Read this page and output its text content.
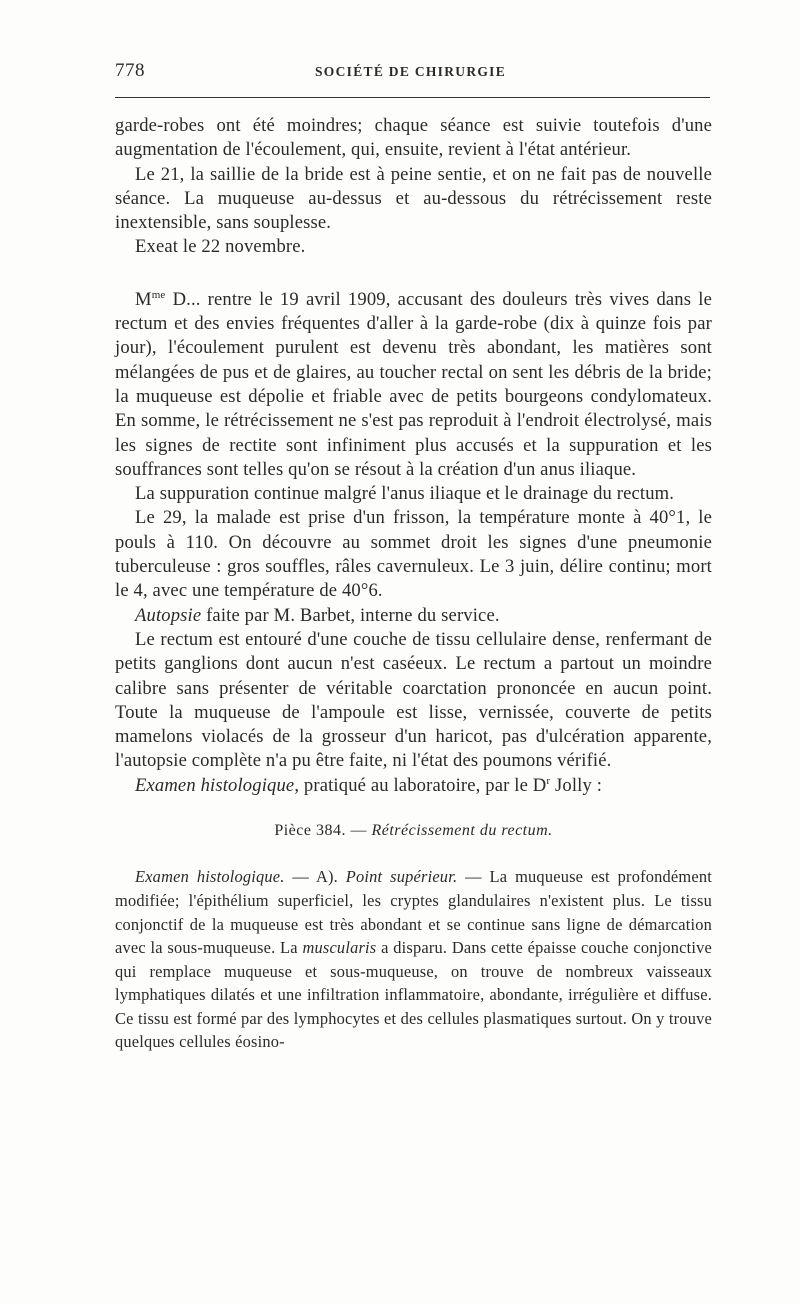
778	SOCIÉTÉ DE CHIRURGIE

garde-robes ont été moindres; chaque séance est suivie toutefois d'une augmentation de l'écoulement, qui, ensuite, revient à l'état antérieur.

Le 21, la saillie de la bride est à peine sentie, et on ne fait pas de nouvelle séance. La muqueuse au-dessus et au-dessous du rétrécissement reste inextensible, sans souplesse.

Exeat le 22 novembre.

$M^{me}$ D... rentre le 19 avril 1909, accusant des douleurs très vives dans le rectum et des envies fréquentes d'aller à la garde-robe (dix à quinze fois par jour), l'écoulement purulent est devenu très abondant, les matières sont mélangées de pus et de glaires, au toucher rectal on sent les débris de la bride; la muqueuse est dépolie et friable avec de petits bourgeons condylomateux. En somme, le rétrécissement ne s'est pas reproduit à l'endroit électrolysé, mais les signes de rectite sont infiniment plus accusés et la suppuration et les souffrances sont telles qu'on se résout à la création d'un anus iliaque.

La suppuration continue malgré l'anus iliaque et le drainage du rectum.

Le 29, la malade est prise d'un frisson, la température monte à 40°1, le pouls à 110. On découvre au sommet droit les signes d'une pneumonie tuberculeuse : gros souffles, râles cavernuleux. Le 3 juin, délire continu; mort le 4, avec une température de 40°6.

Autopsie faite par M. Barbet, interne du service.

Le rectum est entouré d'une couche de tissu cellulaire dense, renfermant de petits ganglions dont aucun n'est caséeux. Le rectum a partout un moindre calibre sans présenter de véritable coarctation prononcée en aucun point. Toute la muqueuse de l'ampoule est lisse, vernissée, couverte de petits mamelons violacés de la grosseur d'un haricot, pas d'ulcération apparente, l'autopsie complète n'a pu être faite, ni l'état des poumons vérifié.

Examen histologique, pratiqué au laboratoire, par le $D^r$ Jolly :

Pièce 384. — Rétrécissement du rectum.

Examen histologique. — A). Point supérieur. — La muqueuse est profondément modifiée; l'épithélium superficiel, les cryptes glandulaires n'existent plus. Le tissu conjonctif de la muqueuse est très abondant et se continue sans ligne de démarcation avec la sous-muqueuse. La muscularis a disparu. Dans cette épaisse couche conjonctive qui remplace muqueuse et sous-muqueuse, on trouve de nombreux vaisseaux lymphatiques dilatés et une infiltration inflammatoire, abondante, irrégulière et diffuse. Ce tissu est formé par des lymphocytes et des cellules plasmatiques surtout. On y trouve quelques cellules éosino-
